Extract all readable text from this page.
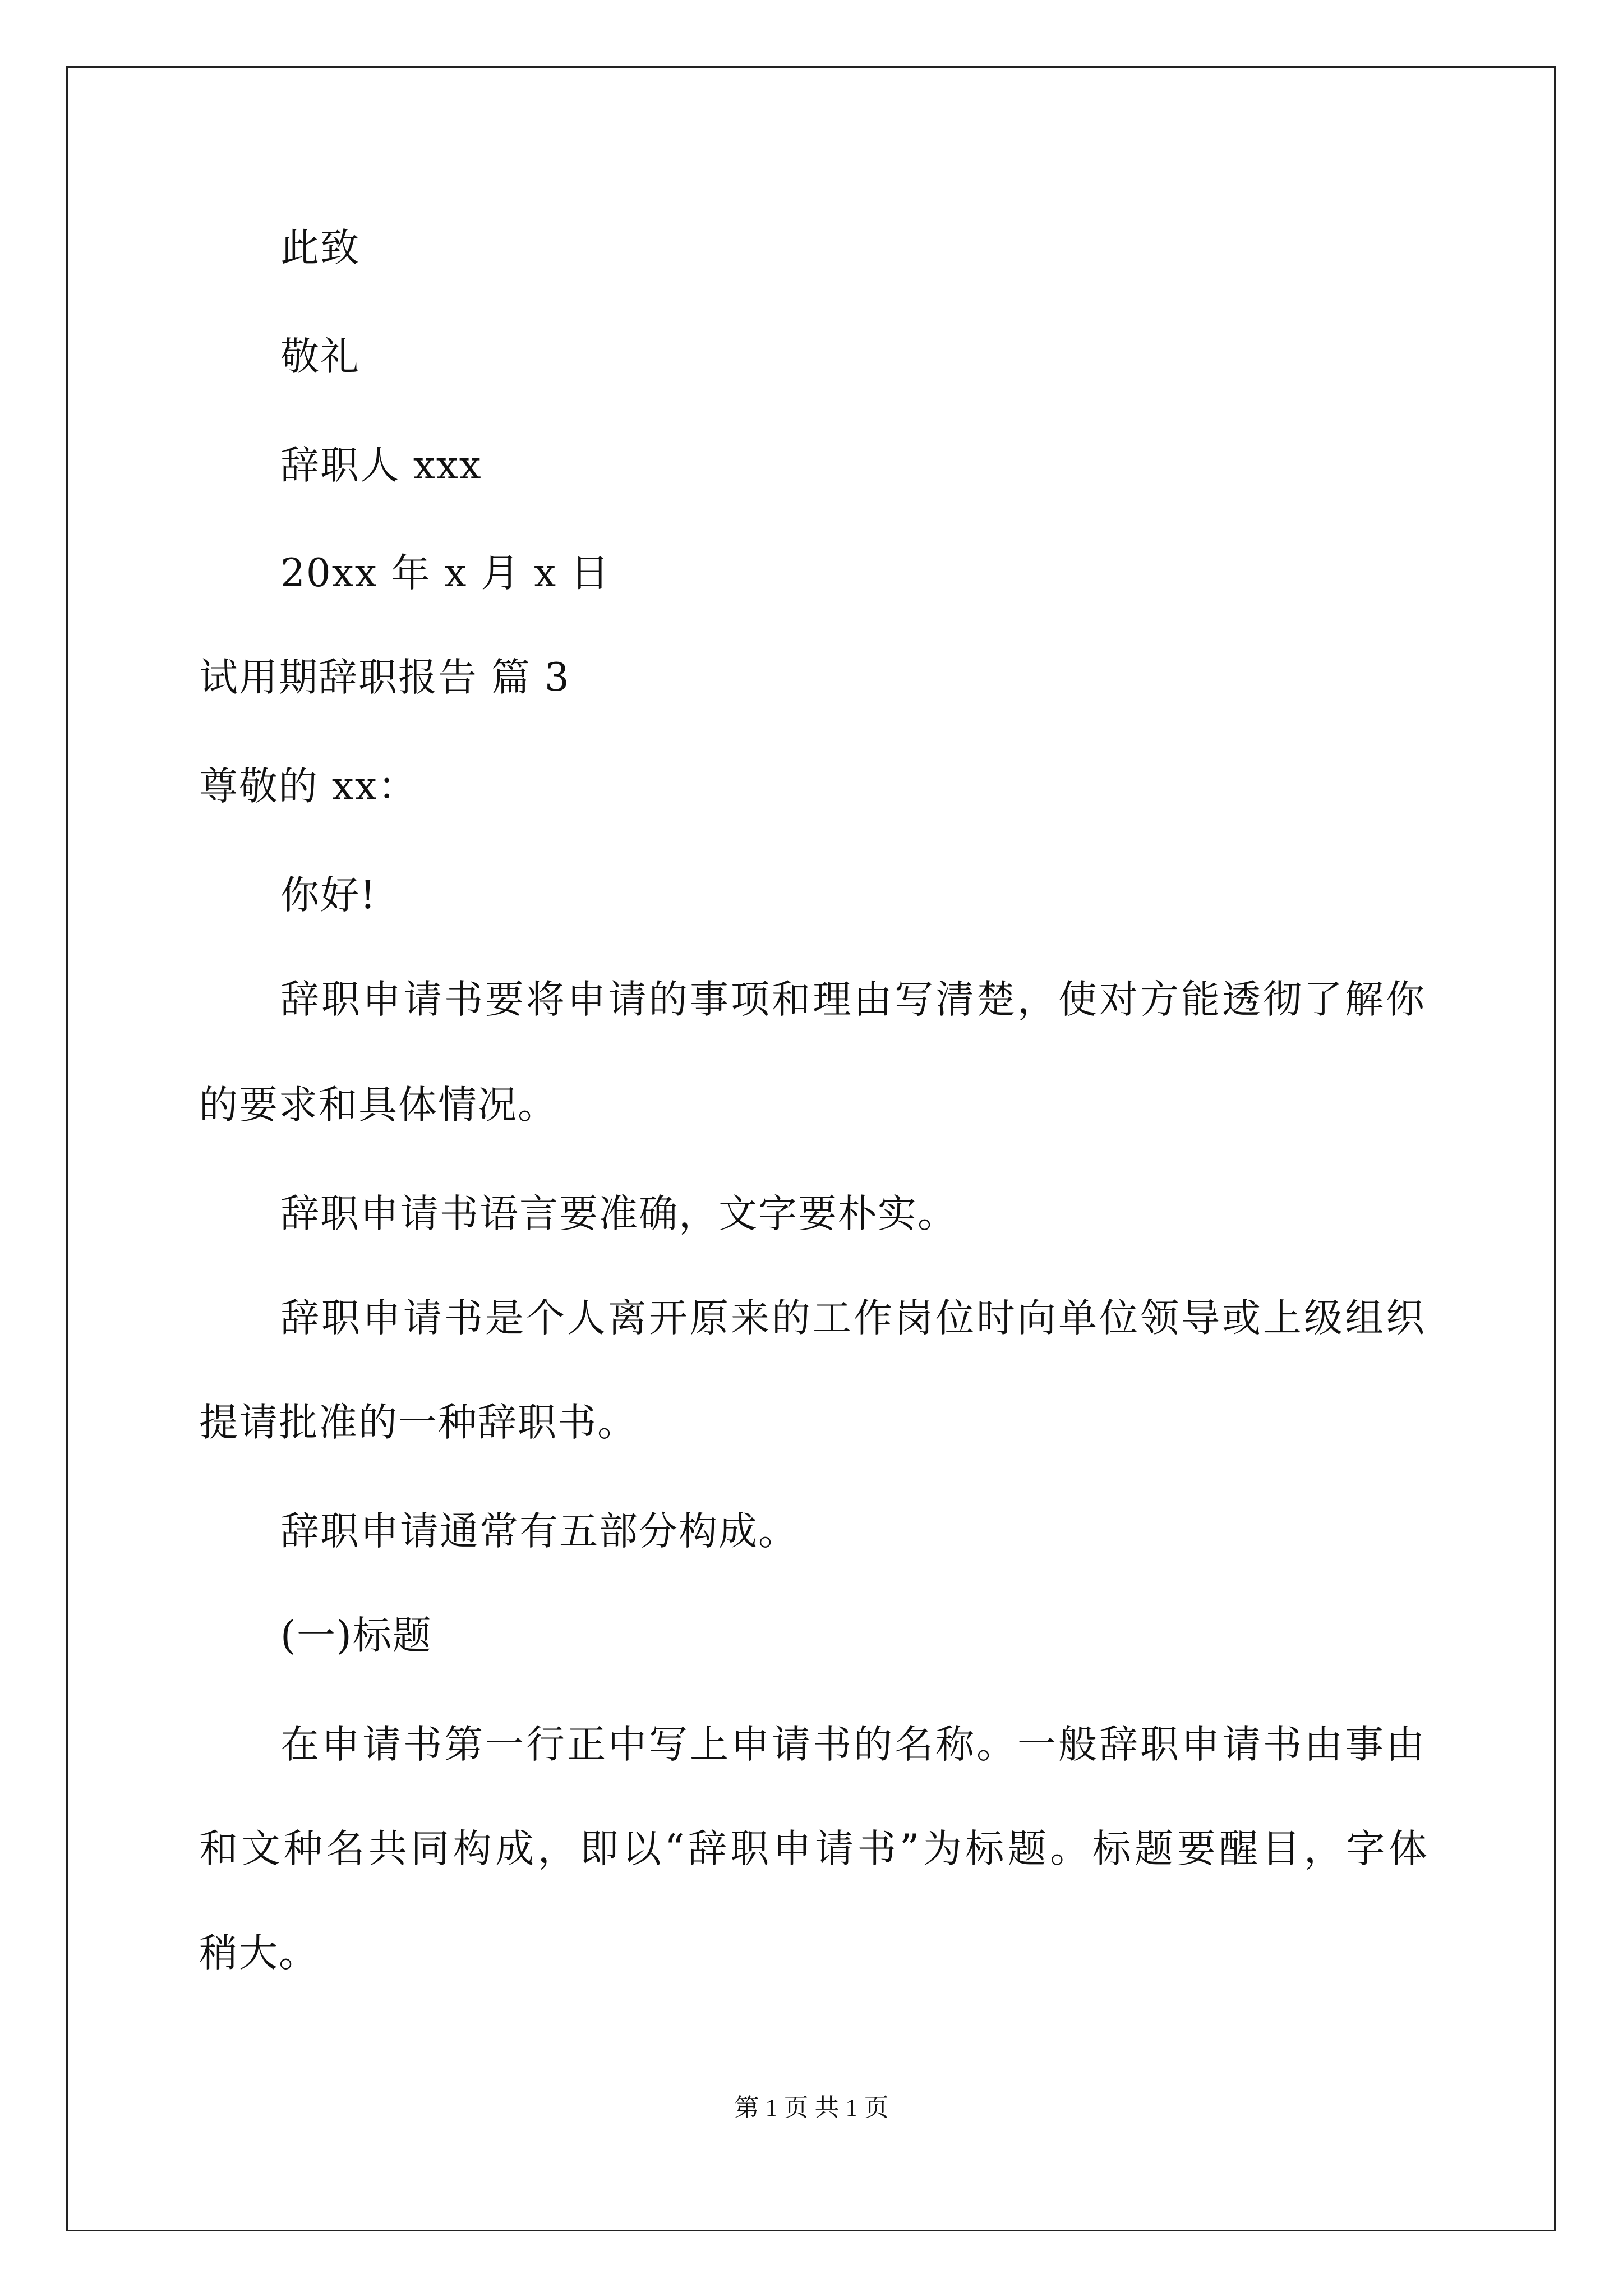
此致
敬礼
辞职人 xxx
20xx 年 x 月 x 日
试用期辞职报告 篇 3
尊敬的 xx：
你好!
辞职申请书要将申请的事项和理由写清楚，使对方能透彻了解你
的要求和具体情况。
辞职申请书语言要准确，文字要朴实。
辞职申请书是个人离开原来的工作岗位时向单位领导或上级组织
提请批准的一种辞职书。
辞职申请通常有五部分构成。
(一)标题
在申请书第一行正中写上申请书的名称。一般辞职申请书由事由
和文种名共同构成，即以“辞职申请书”为标题。标题要醒目，字体
稍大。
第 1 页 共 1 页
